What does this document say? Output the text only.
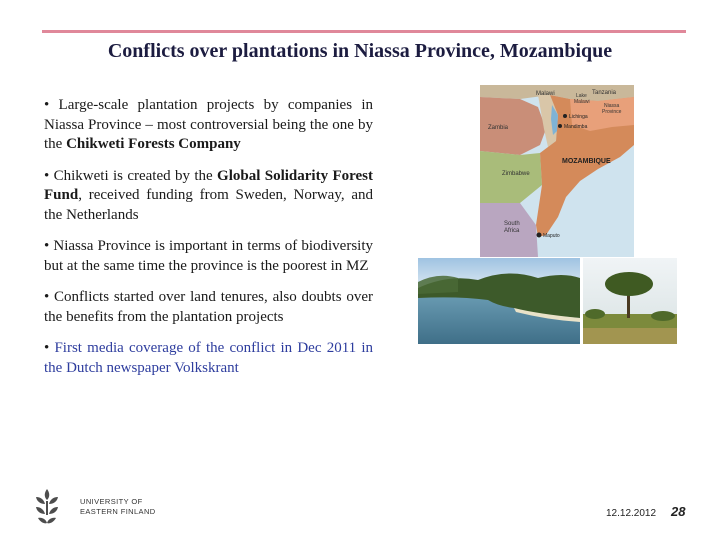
Conflicts over plantations in Niassa Province, Mozambique

• Large-scale plantation projects by companies in Niassa Province – most controversial being the one by the Chikweti Forests Company

• Chikweti is created by the Global Solidarity Forest Fund, received funding from Sweden, Norway, and the Netherlands

• Niassa Province is important in terms of biodiversity but at the same time the province is the poorest in MZ

• Conflicts started over land tenures, also doubts over the benefits from the plantation projects

• First media coverage of the conflict in Dec 2011 in the Dutch newspaper Volkskrant

Tanzania
Lake
Malawi
Niassa
Province
Malawi
Zambia
Lichinga
Mandimba
MOZAMBIQUE
Zimbabwe
South
Africa
Maputo
UNIVERSITY OF
EASTERN FINLAND	12.12.2012 28
